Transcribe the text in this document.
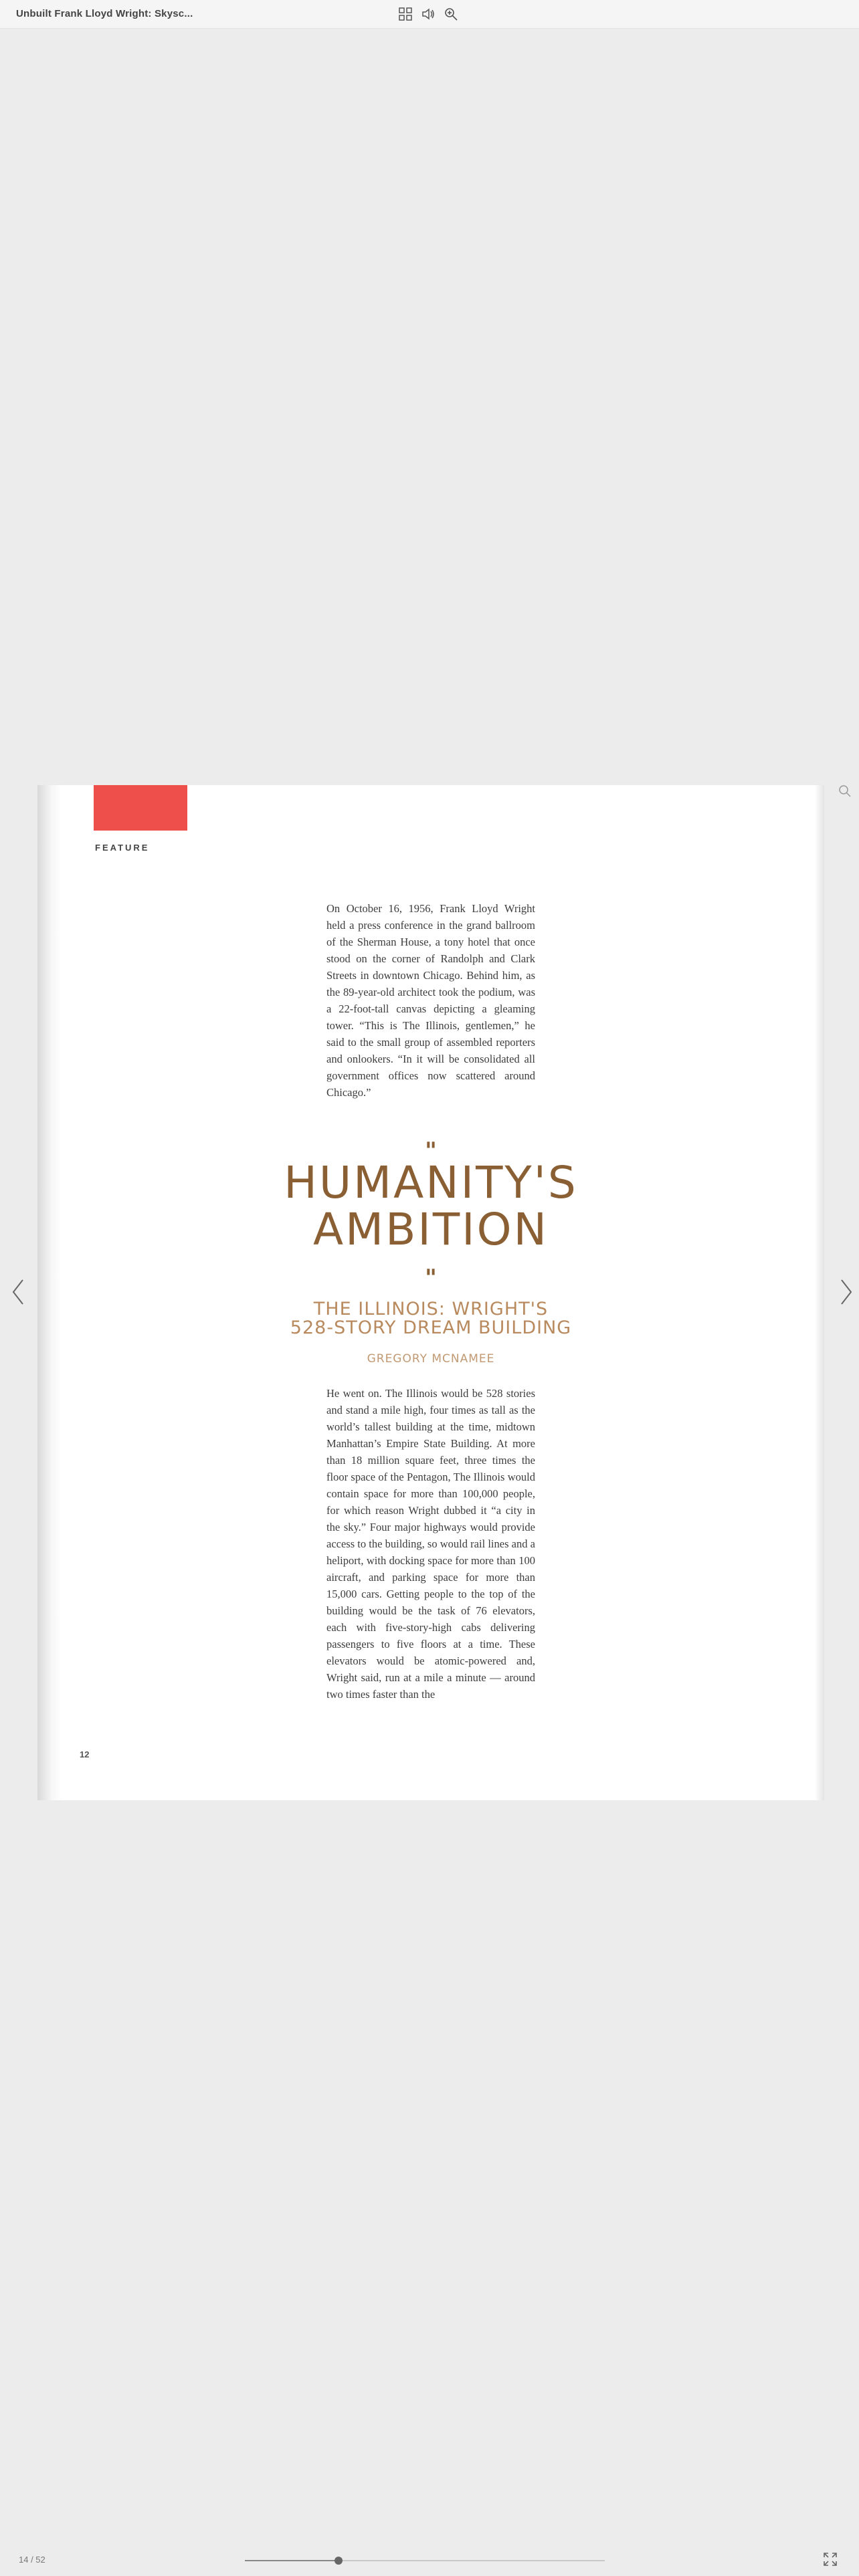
Unbuilt Frank Lloyd Wright: Skysc...
FEATURE

On October 16, 1956, Frank Lloyd Wright held a press conference in the grand ballroom of the Sherman House, a tony hotel that once stood on the corner of Randolph and Clark Streets in downtown Chicago. Behind him, as the 89-year-old architect took the podium, was a 22-foot-tall canvas depicting a gleaming tower. “This is The Illinois, gentlemen,” he said to the small group of assembled reporters and onlookers. “In it will be consolidated all government offices now scattered around Chicago.”

"
HUMANITY'S
AMBITION
"
THE ILLINOIS: WRIGHT'S
528-STORY DREAM BUILDING
GREGORY MCNAMEE

He went on. The Illinois would be 528 stories and stand a mile high, four times as tall as the world’s tallest building at the time, midtown Manhattan’s Empire State Building. At more than 18 million square feet, three times the floor space of the Pentagon, The Illinois would contain space for more than 100,000 people, for which reason Wright dubbed it “a city in the sky.” Four major highways would provide access to the building, so would rail lines and a heliport, with docking space for more than 100 aircraft, and parking space for more than 15,000 cars. Getting people to the top of the building would be the task of 76 elevators, each with five-story-high cabs delivering passengers to five floors at a time. These elevators would be atomic-powered and, Wright said, run at a mile a minute — around two times faster than the

12
14 / 52
